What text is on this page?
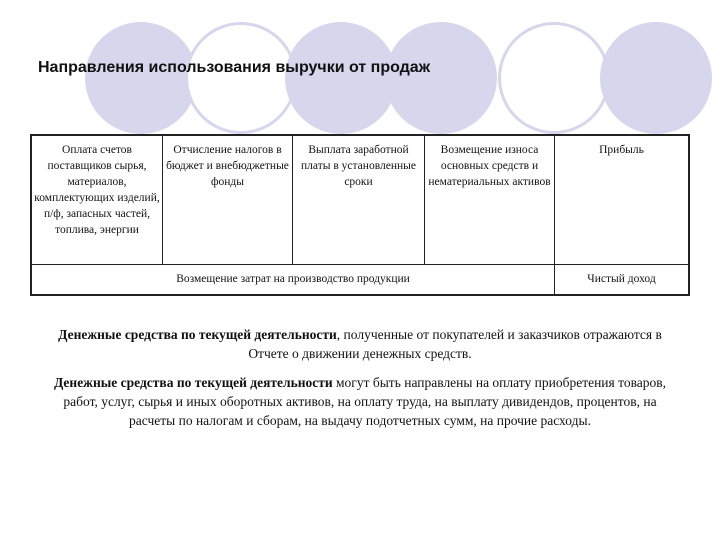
Направления использования выручки от продаж
Оплата счетов поставщиков сырья, материалов, комплектующих изделий, п/ф, запасных частей, топлива, энергии
Отчисление налогов в бюджет и внебюджетные фонды
Выплата заработной платы в установленные сроки
Возмещение износа основных средств и нематериальных активов
Прибыль
Возмещение затрат на производство продукции	Чистый доход

Денежные средства по текущей деятельности, полученные от покупателей и заказчиков отражаются в Отчете о движении денежных средств.

Денежные средства по текущей деятельности могут быть направлены на оплату приобретения товаров, работ, услуг, сырья и иных оборотных активов, на оплату труда, на выплату дивидендов, процентов, на расчеты по налогам и сборам, на выдачу подотчетных сумм, на прочие расходы.
